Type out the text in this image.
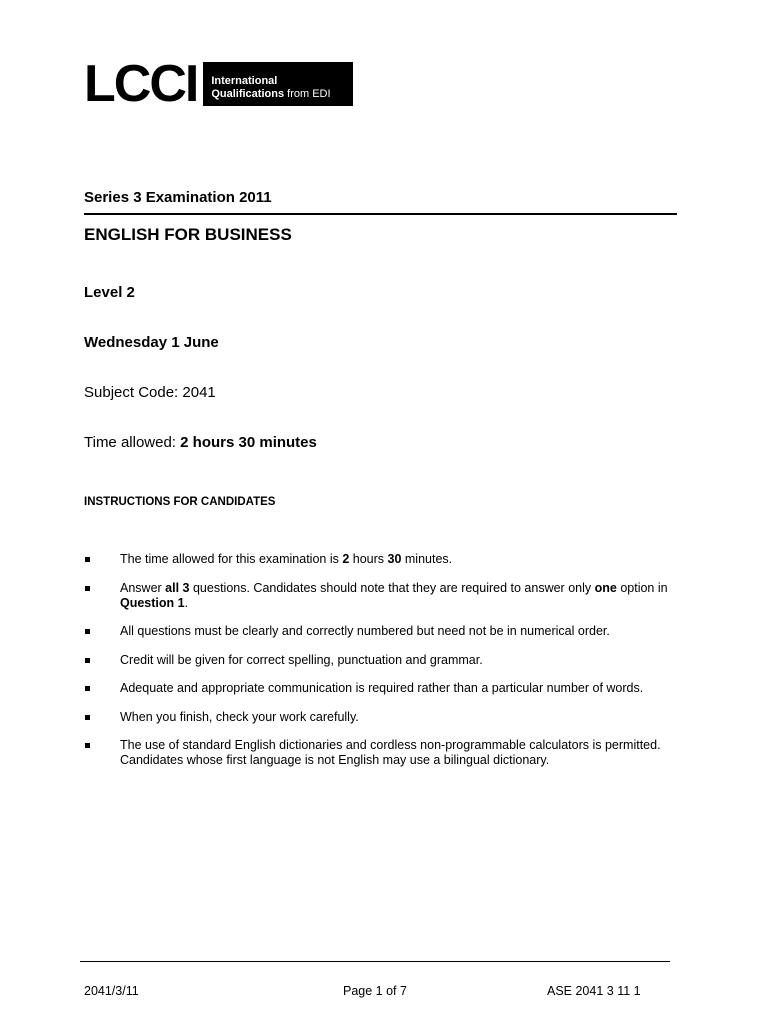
LCCI International
Qualifications from EDI
Series 3 Examination 2011
ENGLISH FOR BUSINESS
Level 2
Wednesday 1 June
Subject Code: 2041
Time allowed: 2 hours 30 minutes
INSTRUCTIONS FOR CANDIDATES
The time allowed for this examination is 2 hours 30 minutes.
Answer all 3 questions. Candidates should note that they are required to answer only one option in Question 1.
All questions must be clearly and correctly numbered but need not be in numerical order.
Credit will be given for correct spelling, punctuation and grammar.
Adequate and appropriate communication is required rather than a particular number of words.
When you finish, check your work carefully.
The use of standard English dictionaries and cordless non-programmable calculators is permitted. Candidates whose first language is not English may use a bilingual dictionary.
2041/3/11	Page 1 of 7	ASE 2041 3 11 1
